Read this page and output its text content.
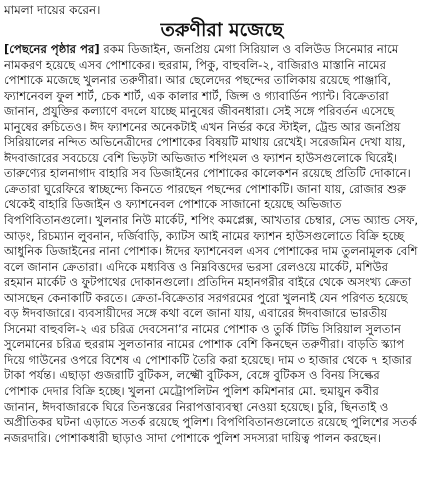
মামলা দায়ের করেন।
তরুণীরা মজেছে
[পেছনের পৃষ্ঠার পর] রকম ডিজাইন, জনপ্রিয় মেগা সিরিয়াল ও বলিউড সিনেমার নামে
নামকরণ হয়েছে এসব পোশাকের। হুররাম, পিকু, বাহুবলি-২, বাজিরাও মাস্তানি নামের
পোশাকে মজেছে খুলনার তরুণীরা। আর ছেলেদের পছন্দের তালিকায় রয়েছে পাঞ্জাবি,
ফ্যাশনেবল ফুল শার্ট, চেক শার্ট, এক কালার শার্ট, জিন্স ও গ্যাবার্ডিন প্যান্ট। বিক্রেতারা
জানান, প্রযুক্তির কল্যাণে বদলে যাচ্ছে মানুষের জীবনধারা। সেই সঙ্গে পরিবর্তন এসেছে
মানুষের রুচিতেও। ঈদ ফ্যাশনের অনেকটাই এখন নির্ভর করে স্টাইল, ট্রেন্ড আর জনপ্রিয়
সিরিয়ালের নন্দিত অভিনেত্রীদের পোশাকের বিষয়টি মাথায় রেখেই। সরেজমিন দেখা যায়,
ঈদবাজারের সবচেয়ে বেশি ভিড়টা অভিজাত শপিংমল ও ফ্যাশন হাউসগুলোকে ঘিরেই।
তারুণ্যের হালনাগাদ বাহারি সব ডিজাইনের পোশাকের কালেকশন রয়েছে প্রতিটি দোকানে।
ক্রেতারা ঘুরেফিরে স্বাচ্ছন্দ্যে কিনতে পারছেন পছন্দের পোশাকটি। জানা যায়, রোজার শুরু
থেকেই বাহারি ডিজাইন ও ফ্যাশনেবল পোশাকে সাজানো হয়েছে অভিজাত
বিপণিবিতানগুলো। খুলনার নিউ মার্কেট, শপিং কমপ্লেক্স, আখতার চেম্বার, সেভ অ্যান্ড সেফ,
আড়ং, রিচম্যান লুবনান, দর্জিবাড়ি, ক্যাটস আই নামের ফ্যাশন হাউসগুলোতে বিক্রি হচ্ছে
আধুনিক ডিজাইনের নানা পোশাক। ঈদের ফ্যাশনেবল এসব পোশাকের দাম তুলনামূলক বেশি
বলে জানান ক্রেতারা। এদিকে মধ্যবিত্ত ও নিম্নবিত্তদের ভরসা রেলওয়ে মার্কেট, মশিউর
রহমান মার্কেট ও ফুটপাথের দোকানগুলো। প্রতিদিন মহানগরীর বাইরে থেকে অসংখ্য ক্রেতা
আসছেন কেনাকাটি করতে। ক্রেতা-বিক্রেতার সরগরমের পুরো খুলনাই যেন পরিণত হয়েছে
বড় ঈদবাজারে। ব্যবসায়ীদের সঙ্গে কথা বলে জানা যায়, এবারের ঈদবাজারে ভারতীয়
সিনেমা বাহুবলি-২ এর চরিত্র দেবসেনা’র নামের পোশাক ও তুর্কি টিভি সিরিয়াল সুলতান
সুলেমানের চরিত্র হুররাম সুলতানার নামের পোশাক বেশি কিনছেন তরুণীরা। বাড়তি স্ক্যাপ
দিয়ে গাউনের ওপরে বিশেষ এ পোশাকটি তৈরি করা হয়েছে। দাম ৩ হাজার থেকে ৭ হাজার
টাকা পর্যন্ত। এছাড়া গুজরাটি বুটিকস, লক্ষ্মৌ বুটিকস, বেঙ্গে বুটিকস ও বিনয় সিল্কের
পোশাক দেদার বিক্রি হচ্ছে। খুলনা মেট্রোপলিটন পুলিশ কমিশনার মো. হুমায়ুন কবীর
জানান, ঈদবাজারকে ঘিরে তিনস্তরের নিরাপত্তাব্যবস্থা নেওয়া হয়েছে। চুরি, ছিনতাই ও
অপ্রীতিকর ঘটনা এড়াতে সতর্ক রয়েছে পুলিশ। বিপণিবিতানগুলোতে রয়েছে পুলিশের সতর্ক
নজরদারি। পোশাকধারী ছাড়াও সাদা পোশাকে পুলিশ সদস্যরা দায়িত্ব পালন করছেন।
